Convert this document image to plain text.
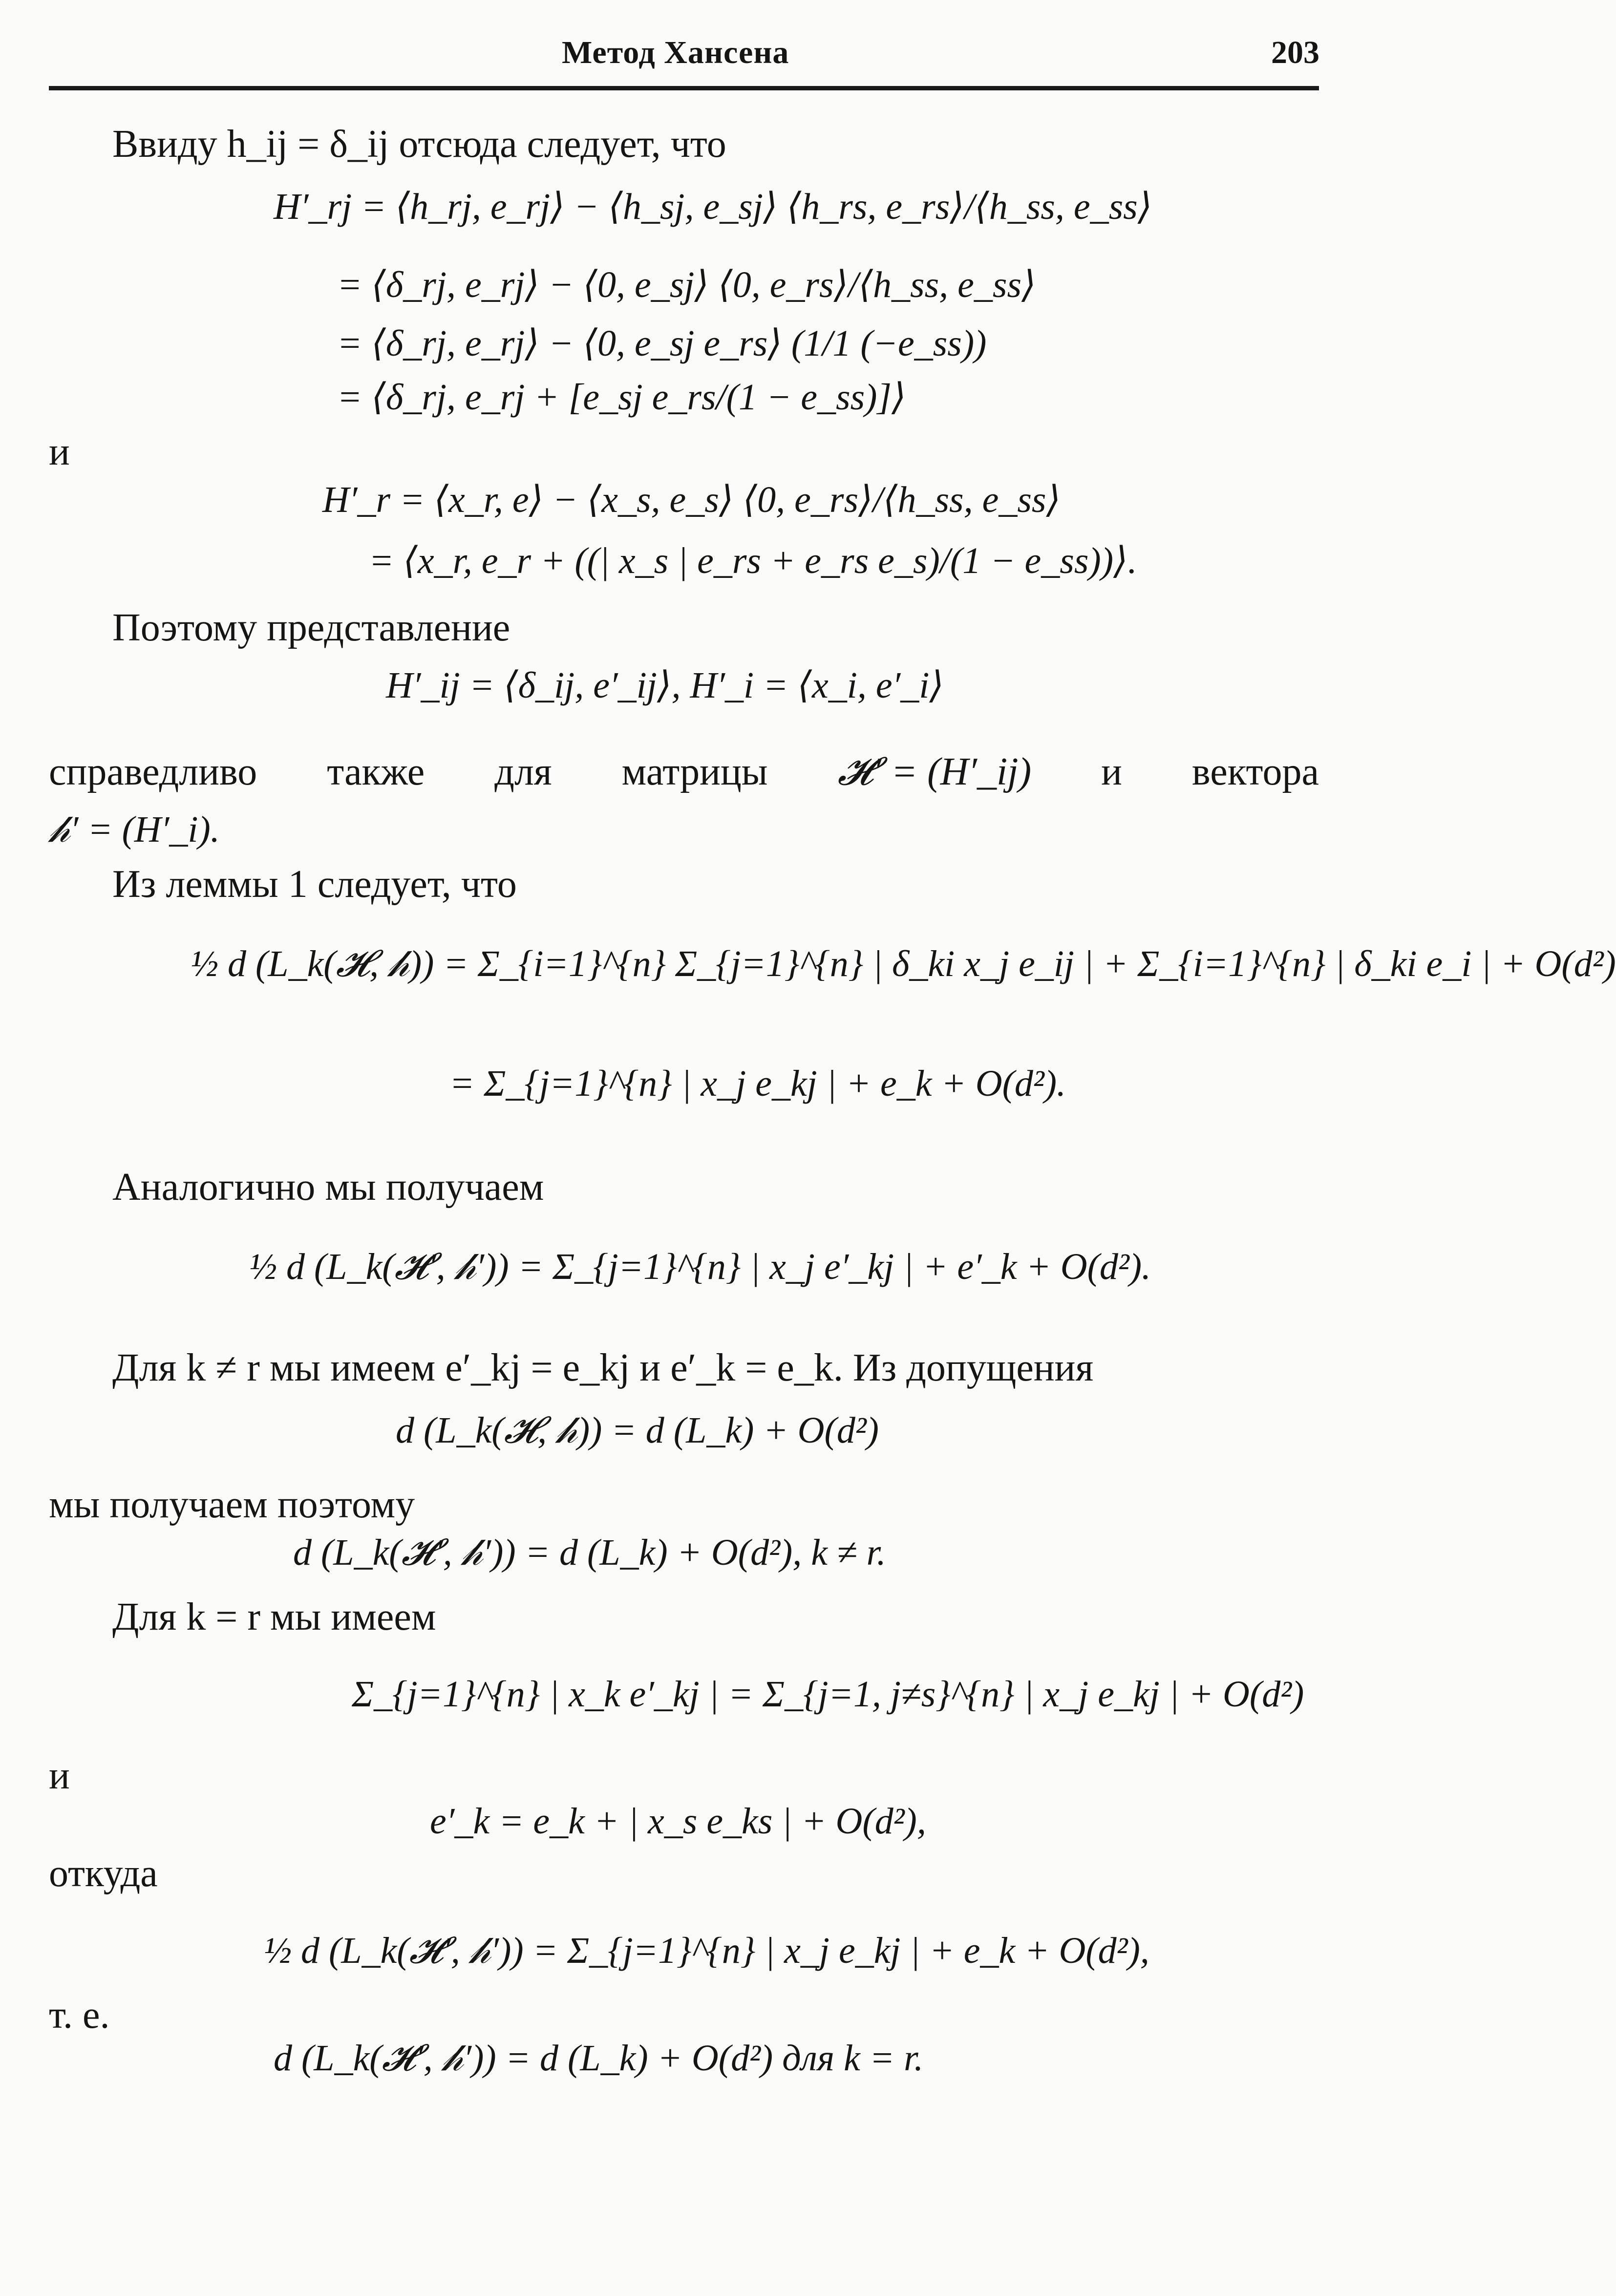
Метод Хансена	203
Ввиду h_ij = δ_ij отсюда следует, что
H′_rj = ⟨h_rj, e_rj⟩ − ⟨h_sj, e_sj⟩ ⟨h_rs, e_rs⟩/⟨h_ss, e_ss⟩
= ⟨δ_rj, e_rj⟩ − ⟨0, e_sj⟩ ⟨0, e_rs⟩/⟨h_ss, e_ss⟩
= ⟨δ_rj, e_rj⟩ − ⟨0, e_sj e_rs⟩ (1/1 (−e_ss))
= ⟨δ_rj, e_rj + [e_sj e_rs/(1 − e_ss)]⟩
и
H′_r = ⟨x_r, e⟩ − ⟨x_s, e_s⟩ ⟨0, e_rs⟩/⟨h_ss, e_ss⟩
= ⟨x_r, e_r + ((| x_s | e_rs + e_rs e_s)/(1 − e_ss))⟩.
Поэтому представление
H′_ij = ⟨δ_ij, e′_ij⟩, H′_i = ⟨x_i, e′_i⟩
справедливо также для матрицы 𝓗′ = (H′_ij) и вектора
𝒽′ = (H′_i).
Из леммы 1 следует, что
½ d (L_k(𝓗, 𝒽)) = Σ_{i=1}^{n} Σ_{j=1}^{n} | δ_ki x_j e_ij | + Σ_{i=1}^{n} | δ_ki e_i | + O(d²)
= Σ_{j=1}^{n} | x_j e_kj | + e_k + O(d²).
Аналогично мы получаем
½ d (L_k(𝓗′, 𝒽′)) = Σ_{j=1}^{n} | x_j e′_kj | + e′_k + O(d²).
Для k ≠ r мы имеем e′_kj = e_kj и e′_k = e_k. Из допущения
d (L_k(𝓗, 𝒽)) = d (L_k) + O(d²)
мы получаем поэтому
d (L_k(𝓗′, 𝒽′)) = d (L_k) + O(d²), k ≠ r.
Для k = r мы имеем
Σ_{j=1}^{n} | x_k e′_kj | = Σ_{j=1, j≠s}^{n} | x_j e_kj | + O(d²)
и
e′_k = e_k + | x_s e_ks | + O(d²),
откуда
½ d (L_k(𝓗′, 𝒽′)) = Σ_{j=1}^{n} | x_j e_kj | + e_k + O(d²),
т. е.
d (L_k(𝓗′, 𝒽′)) = d (L_k) + O(d²) для k = r.
